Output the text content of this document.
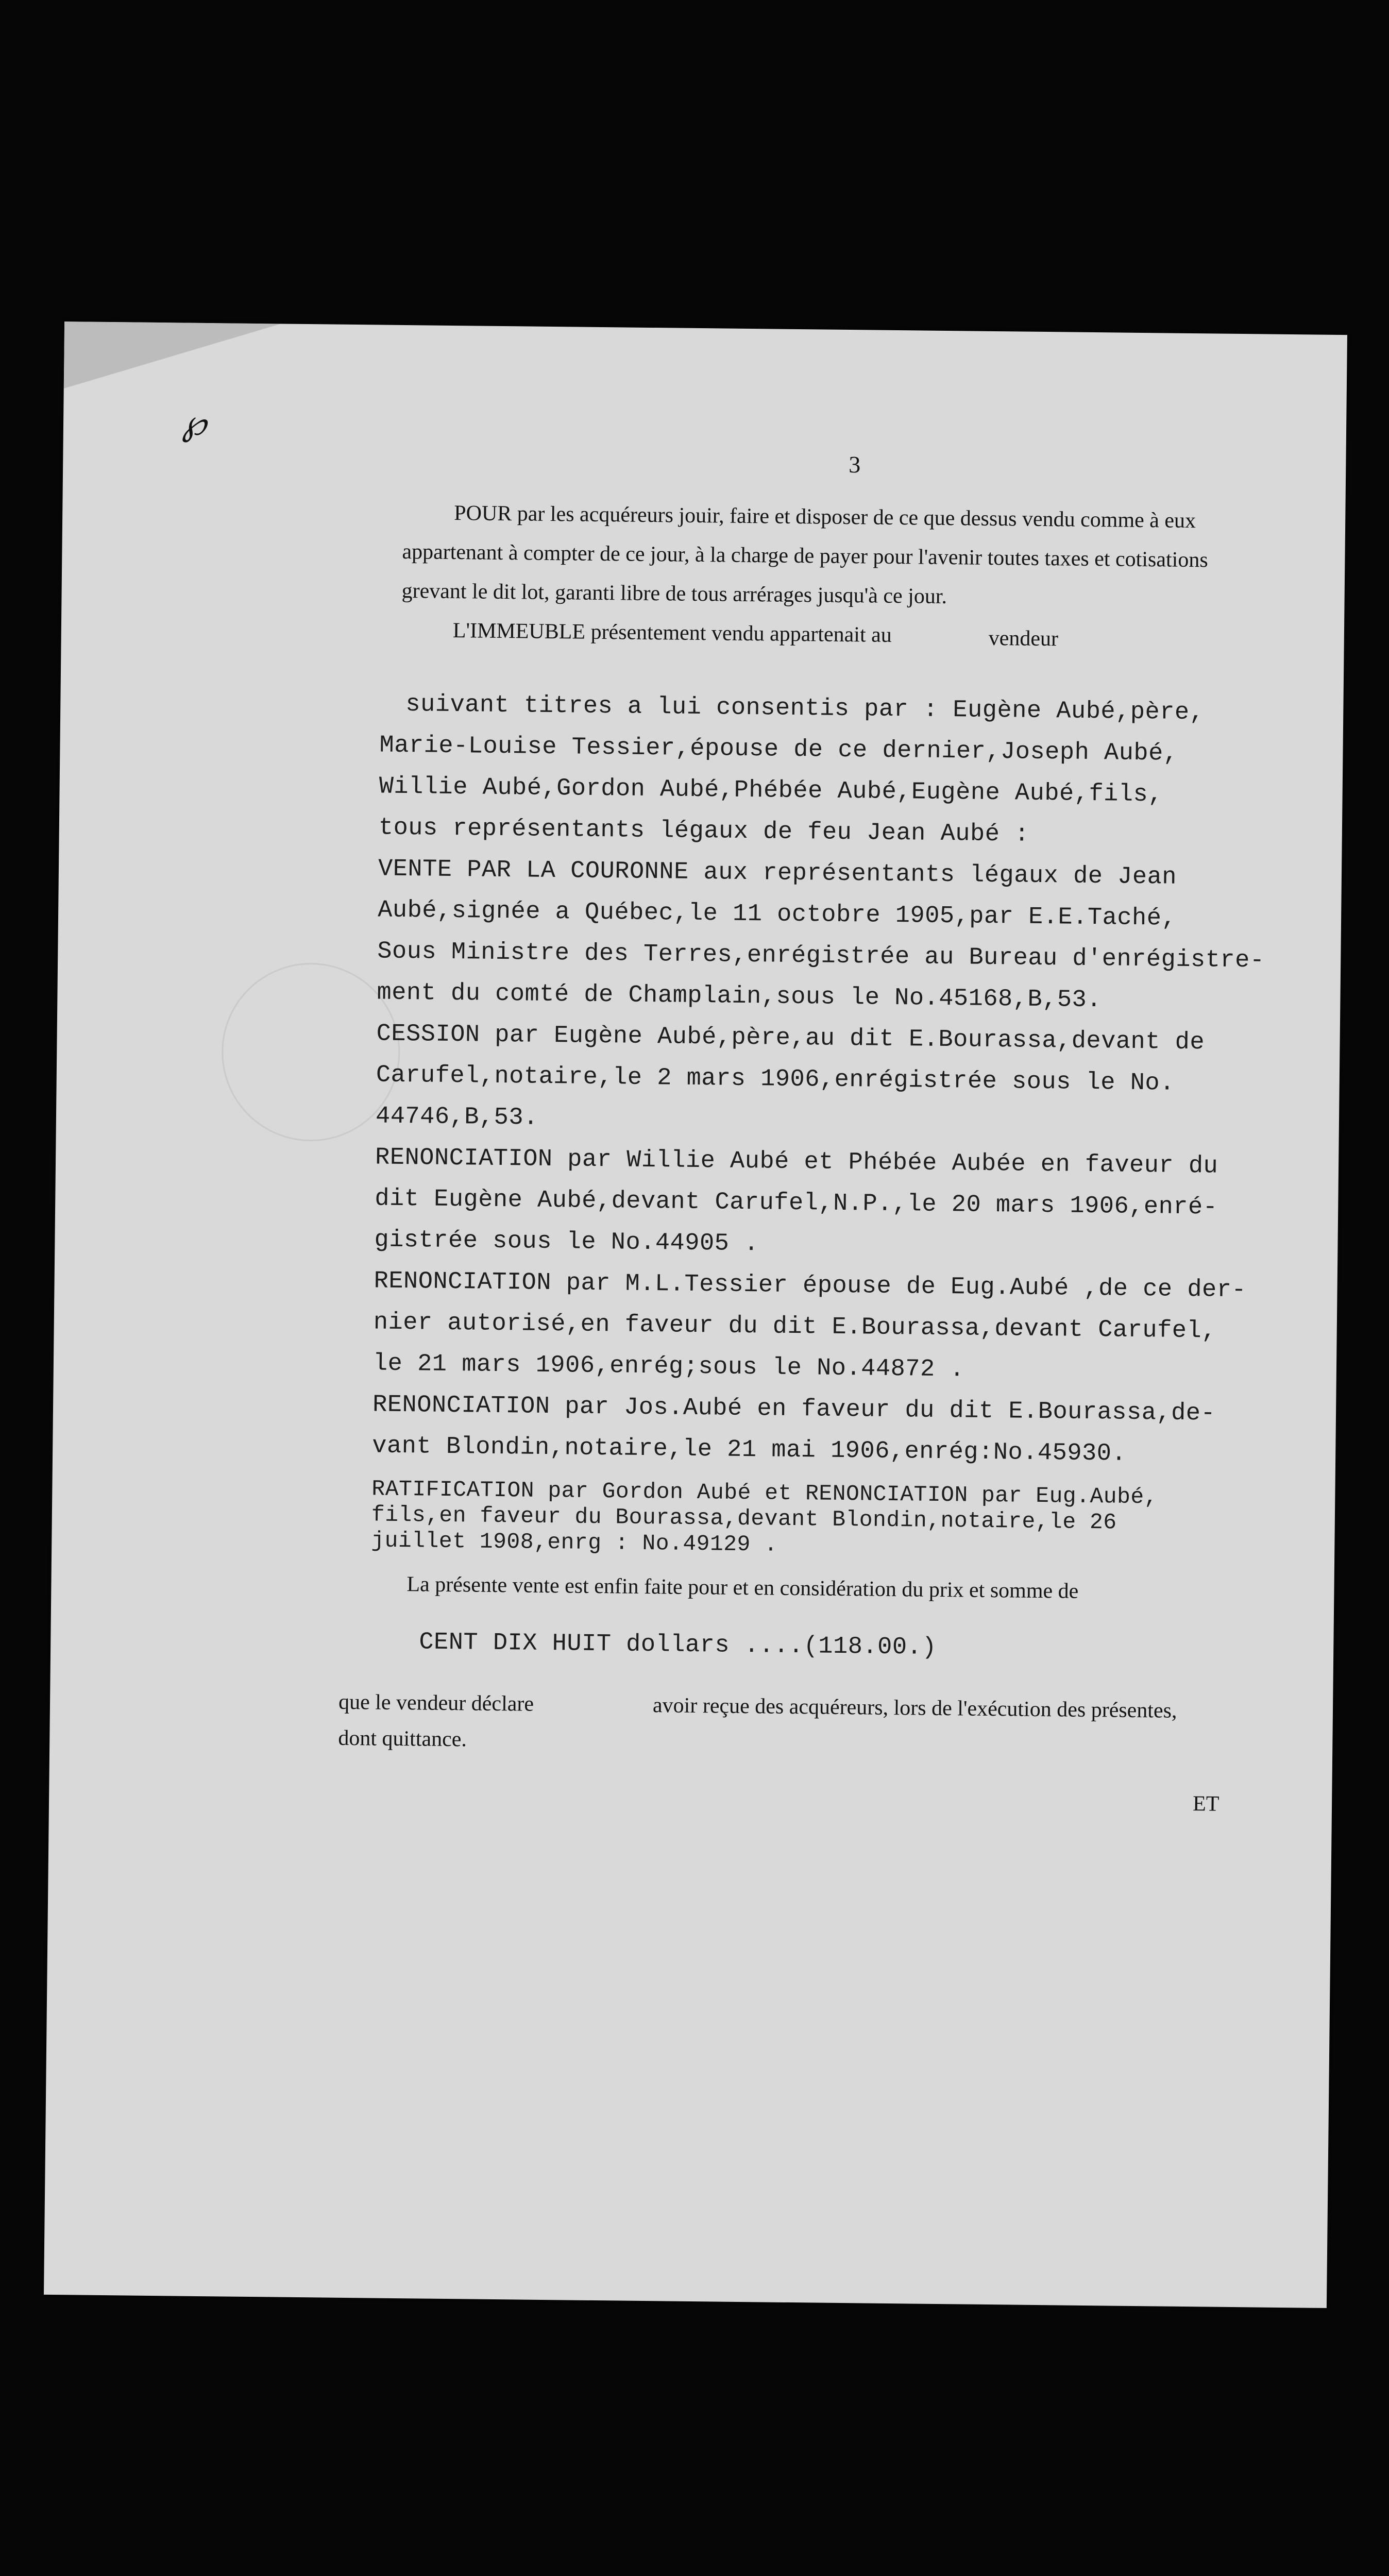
℘
3
POUR par les acquéreurs jouir, faire et disposer de ce que dessus vendu comme à eux
appartenant à compter de ce jour, à la charge de payer pour l'avenir toutes taxes et cotisations
grevant le dit lot, garanti libre de tous arrérages jusqu'à ce jour.
L'IMMEUBLE présentement vendu appartenait au	vendeur
suivant titres a lui consentis par : Eugène Aubé,père,
Marie-Louise Tessier,épouse de ce dernier,Joseph Aubé,
Willie Aubé,Gordon Aubé,Phébée Aubé,Eugène Aubé,fils,
tous représentants légaux de feu Jean Aubé :
VENTE PAR LA COURONNE aux représentants légaux de Jean
Aubé,signée a Québec,le 11 octobre 1905,par E.E.Taché,
Sous Ministre des Terres,enrégistrée au Bureau d'enrégistre-
ment du comté de Champlain,sous le No.45168,B,53.
CESSION par Eugène Aubé,père,au dit E.Bourassa,devant de
Carufel,notaire,le 2 mars 1906,enrégistrée sous le No.
44746,B,53.
RENONCIATION par Willie Aubé et Phébée Aubée en faveur du
dit Eugène Aubé,devant Carufel,N.P.,le 20 mars 1906,enré-
gistrée sous le No.44905 .
RENONCIATION par M.L.Tessier épouse de Eug.Aubé ,de ce der-
nier autorisé,en faveur du dit E.Bourassa,devant Carufel,
le 21 mars 1906,enrég;sous le No.44872 .
RENONCIATION par Jos.Aubé en faveur du dit E.Bourassa,de-
vant Blondin,notaire,le 21 mai 1906,enrég:No.45930.
RATIFICATION par Gordon Aubé et RENONCIATION par Eug.Aubé,
fils,en faveur du Bourassa,devant Blondin,notaire,le 26
juillet 1908,enrg : No.49129 .
La présente vente est enfin faite pour et en considération du prix et somme de
CENT DIX HUIT dollars ....(118.00.)
que le vendeur déclare	avoir reçue des acquéreurs, lors de l'exécution des présentes,
dont quittance.
ET
